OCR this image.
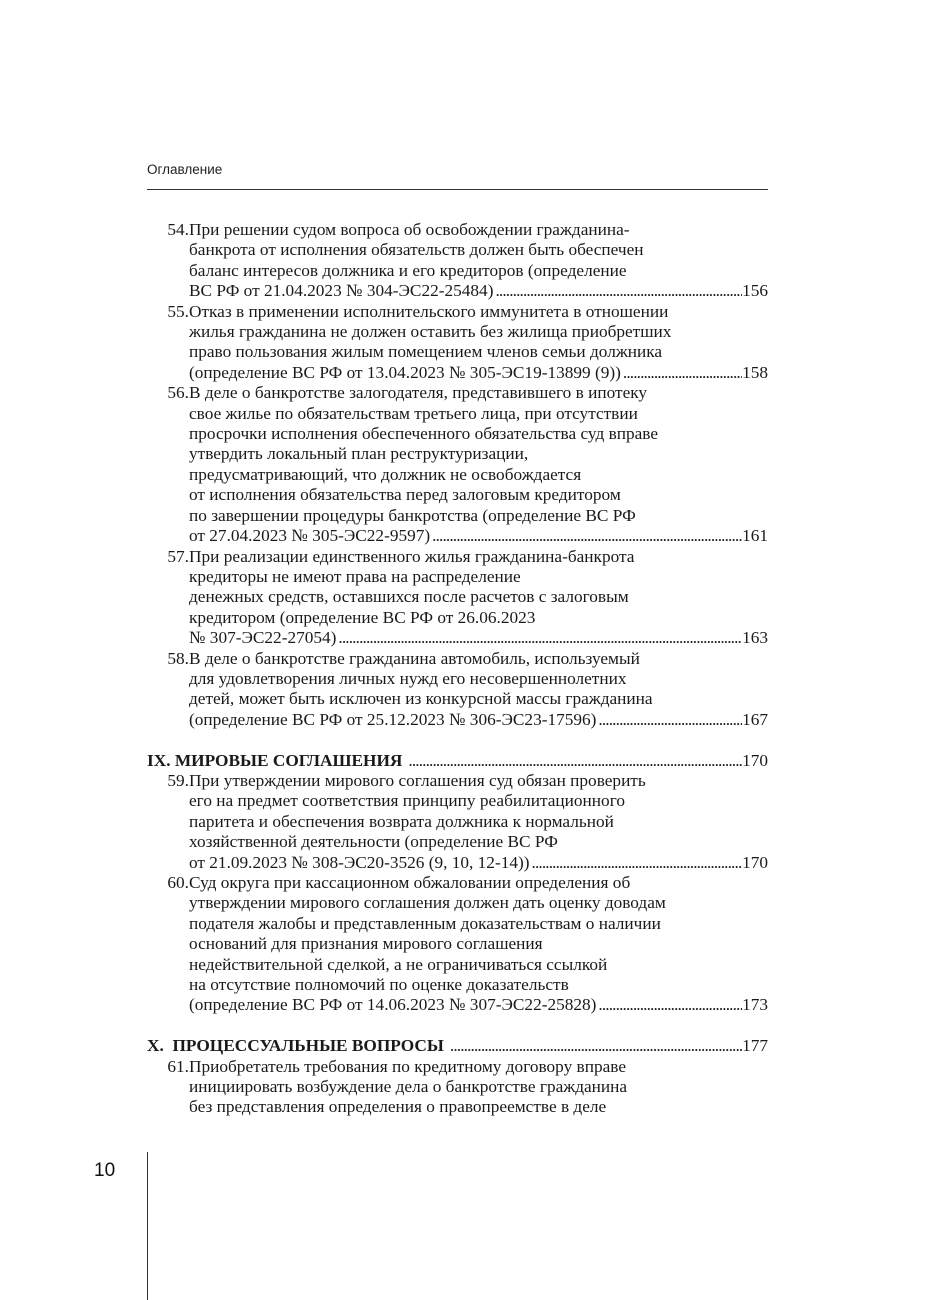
Оглавление
54. При решении судом вопроса об освобождении гражданина-
банкрота от исполнения обязательств должен быть обеспечен
баланс интересов должника и его кредиторов (определение
ВС РФ от 21.04.2023 № 304-ЭС22-25484) . . .	156
55. Отказ в применении исполнительского иммунитета в отношении
жилья гражданина не должен оставить без жилища приобретших
право пользования жилым помещением членов семьи должника
(определение ВС РФ от 13.04.2023 № 305-ЭС19-13899 (9)) . . .	158
56. В деле о банкротстве залогодателя, представившего в ипотеку
свое жилье по обязательствам третьего лица, при отсутствии
просрочки исполнения обеспеченного обязательства суд вправе
утвердить локальный план реструктуризации,
предусматривающий, что должник не освобождается
от исполнения обязательства перед залоговым кредитором
по завершении процедуры банкротства (определение ВС РФ
от 27.04.2023 № 305-ЭС22-9597) . . .	161
57. При реализации единственного жилья гражданина-банкрота
кредиторы не имеют права на распределение
денежных средств, оставшихся после расчетов с залоговым
кредитором (определение ВС РФ от 26.06.2023
№ 307-ЭС22-27054) . . .	163
58. В деле о банкротстве гражданина автомобиль, используемый
для удовлетворения личных нужд его несовершеннолетних
детей, может быть исключен из конкурсной массы гражданина
(определение ВС РФ от 25.12.2023 № 306-ЭС23-17596) . . .	167
IX. МИРОВЫЕ СОГЛАШЕНИЯ . . .	170
59. При утверждении мирового соглашения суд обязан проверить
его на предмет соответствия принципу реабилитационного
паритета и обеспечения возврата должника к нормальной
хозяйственной деятельности (определение ВС РФ
от 21.09.2023 № 308-ЭС20-3526 (9, 10, 12-14)) . . .	170
60. Суд округа при кассационном обжаловании определения об
утверждении мирового соглашения должен дать оценку доводам
подателя жалобы и представленным доказательствам о наличии
оснований для признания мирового соглашения
недействительной сделкой, а не ограничиваться ссылкой
на отсутствие полномочий по оценке доказательств
(определение ВС РФ от 14.06.2023 № 307-ЭС22-25828) . . .	173
X. ПРОЦЕССУАЛЬНЫЕ ВОПРОСЫ . . .	177
61. Приобретатель требования по кредитному договору вправе
инициировать возбуждение дела о банкротстве гражданина
без представления определения о правопреемстве в деле
10
